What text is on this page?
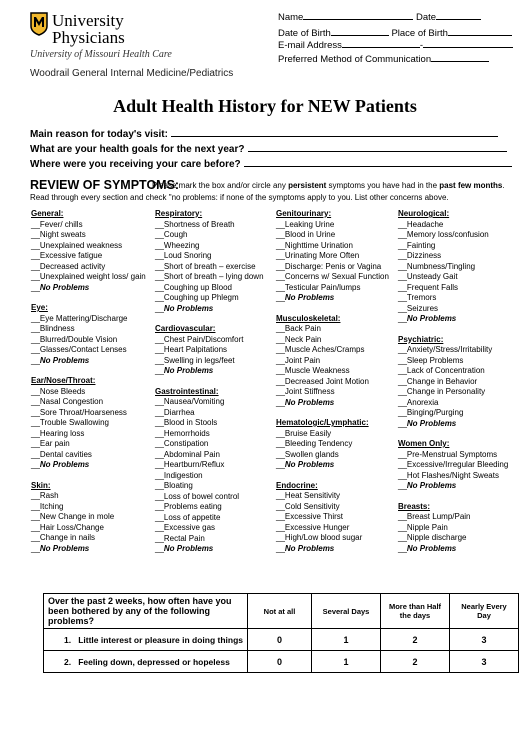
University
Physicians
University of Missouri Health Care
Woodrail General Internal Medicine/Pediatrics
Name	Date
Date of Birth	Place of Birth
E-mail Address	-
Preferred Method of Communication
Adult Health History for NEW Patients
Main reason for today's visit:
What are your health goals for the next year?
Where were you receiving your care before?
REVIEW OF SYMPTOMS:
Please mark the box and/or circle any persistent symptoms you have had in the past few months.
Read through every section and check "no problems: if none of the symptoms apply to you. List other concerns above.
General:
__Fever/ chills
__Night sweats
__Unexplained weakness
__Excessive fatigue
__Decreased activity
__Unexplained weight loss/ gain
__No Problems
Eye:
__Eye Mattering/Discharge
__Blindness
__Blurred/Double Vision
__Glasses/Contact Lenses
__No Problems
Ear/Nose/Throat:
__Nose Bleeds
__Nasal Congestion
__Sore Throat/Hoarseness
__Trouble Swallowing
__Hearing loss
__Ear pain
__Dental cavities
__No Problems
Skin:
__Rash
__Itching
__New Change in mole
__Hair Loss/Change
__Change in nails
__No Problems
Respiratory:
__Shortness of Breath
__Cough
__Wheezing
__Loud Snoring
__Short of breath – exercise
__Short of breath – lying down
__Coughing up Blood
__Coughing up Phlegm
__No Problems
Cardiovascular:
__Chest Pain/Discomfort
__Heart Palpitations
__Swelling in legs/feet
__No Problems
Gastrointestinal:
__Nausea/Vomiting
__Diarrhea
__Blood in Stools
__Hemorrhoids
__Constipation
__Abdominal Pain
__Heartburn/Reflux
__Indigestion
__Bloating
__Loss of bowel control
__Problems eating
__Loss of appetite
__Excessive gas
__Rectal Pain
__No Problems
Genitourinary:
__Leaking Urine
__Blood in Urine
__Nighttime Urination
__Urinating More Often
__Discharge: Penis or Vagina
__Concerns w/ Sexual Function
__Testicular Pain/lumps
__No Problems
Musculoskeletal:
__Back Pain
__Neck Pain
__Muscle Aches/Cramps
__Joint Pain
__Muscle Weakness
__Decreased Joint Motion
__Joint Stiffness
__No Problems
Hematologic/Lymphatic:
__Bruise Easily
__Bleeding Tendency
__Swollen glands
__No Problems
Endocrine:
__Heat Sensitivity
__Cold Sensitivity
__Excessive Thirst
__Excessive Hunger
__High/Low blood sugar
__No Problems
Neurological:
__Headache
__Memory loss/confusion
__Fainting
__Dizziness
__Numbness/Tingling
__Unsteady Gait
__Frequent Falls
__Tremors
__Seizures
__No Problems
Psychiatric:
__Anxiety/Stress/Irritability
__Sleep Problems
__Lack of Concentration
__Change in Behavior
__Change in Personality
__Anorexia
__Binging/Purging
__No Problems
Women Only:
__Pre-Menstrual Symptoms
__Excessive/Irregular Bleeding
__Hot Flashes/Night Sweats
__No Problems
Breasts:
__Breast Lump/Pain
__Nipple Pain
__Nipple discharge
__No Problems
Over the past 2 weeks, how often have you been bothered by any of the following problems?	Not at all	Several Days	More than Half the days	Nearly Every Day
1. Little interest or pleasure in doing things	0	1	2	3
2. Feeling down, depressed or hopeless	0	1	2	3
